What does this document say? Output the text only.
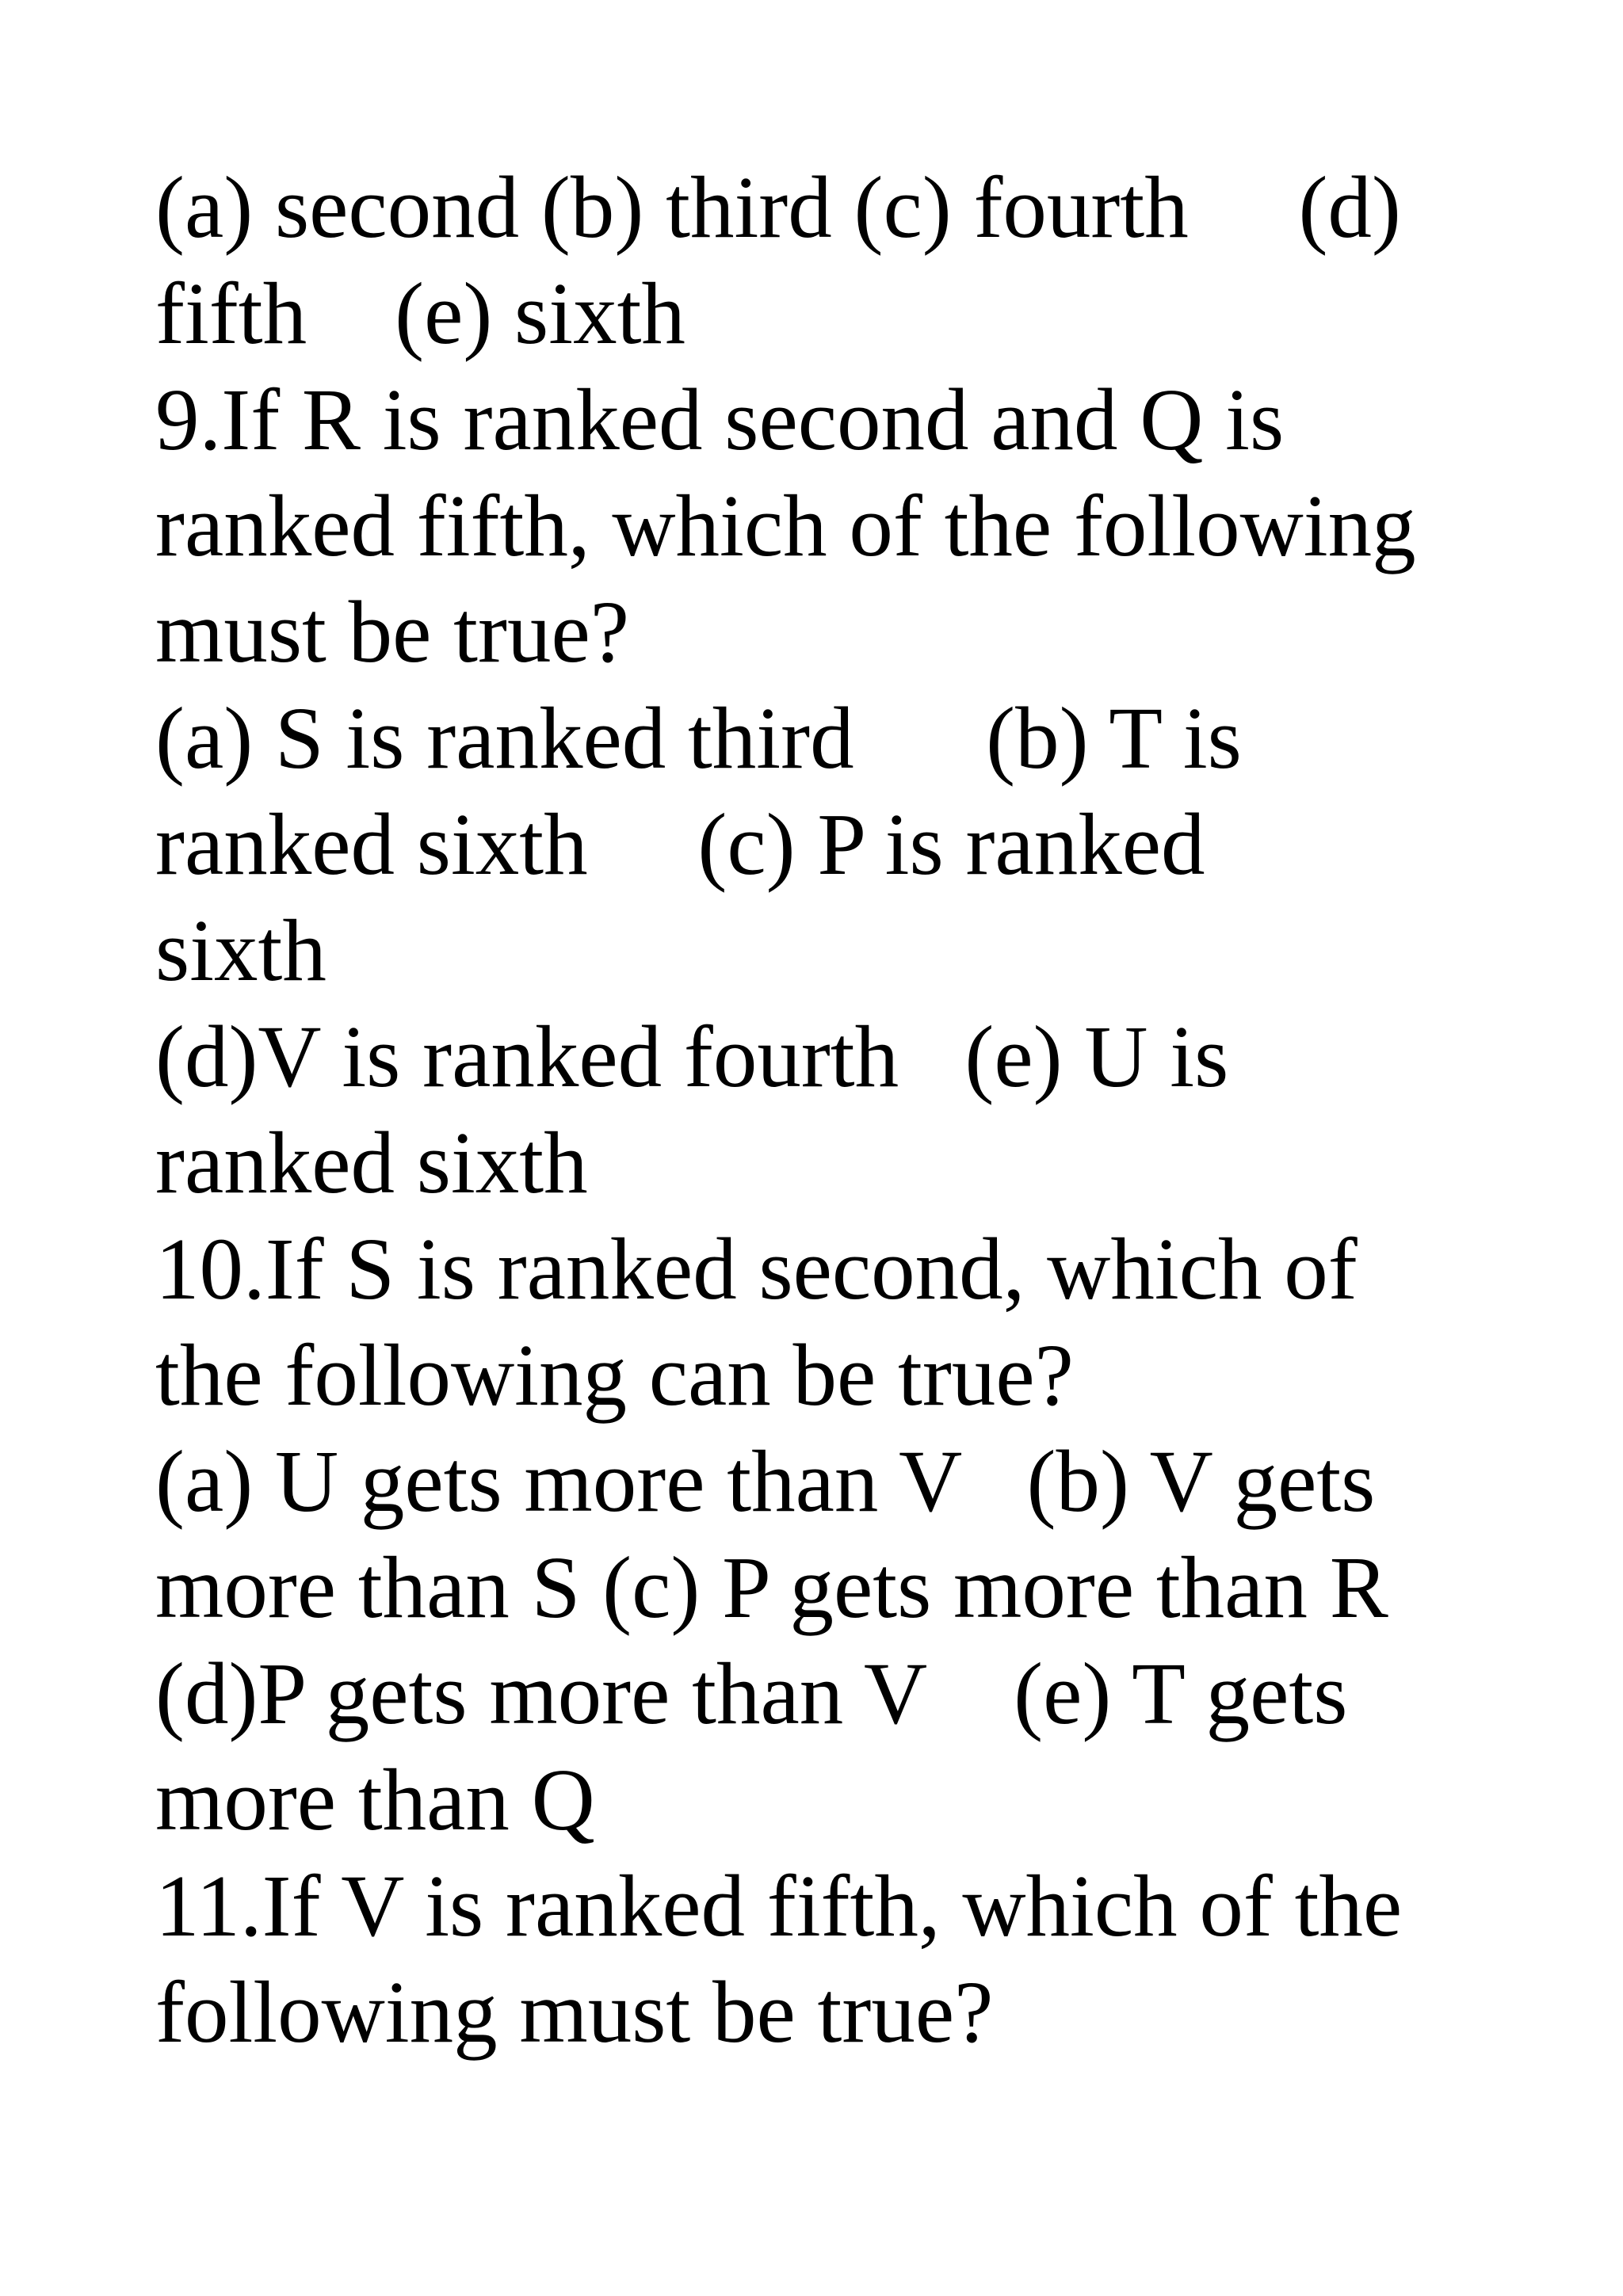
(a) second (b) third (c) fourth     (d)

fifth    (e) sixth

9.If R is ranked second and Q is

ranked fifth, which of the following

must be true?

(a) S is ranked third      (b) T is

ranked sixth     (c) P is ranked

sixth

(d)V is ranked fourth   (e) U is

ranked sixth

10.If S is ranked second, which of

the following can be true?

(a) U gets more than V   (b) V gets

more than S (c) P gets more than R

(d)P gets more than V    (e) T gets

more than Q

11.If V is ranked fifth, which of the

following must be true?
